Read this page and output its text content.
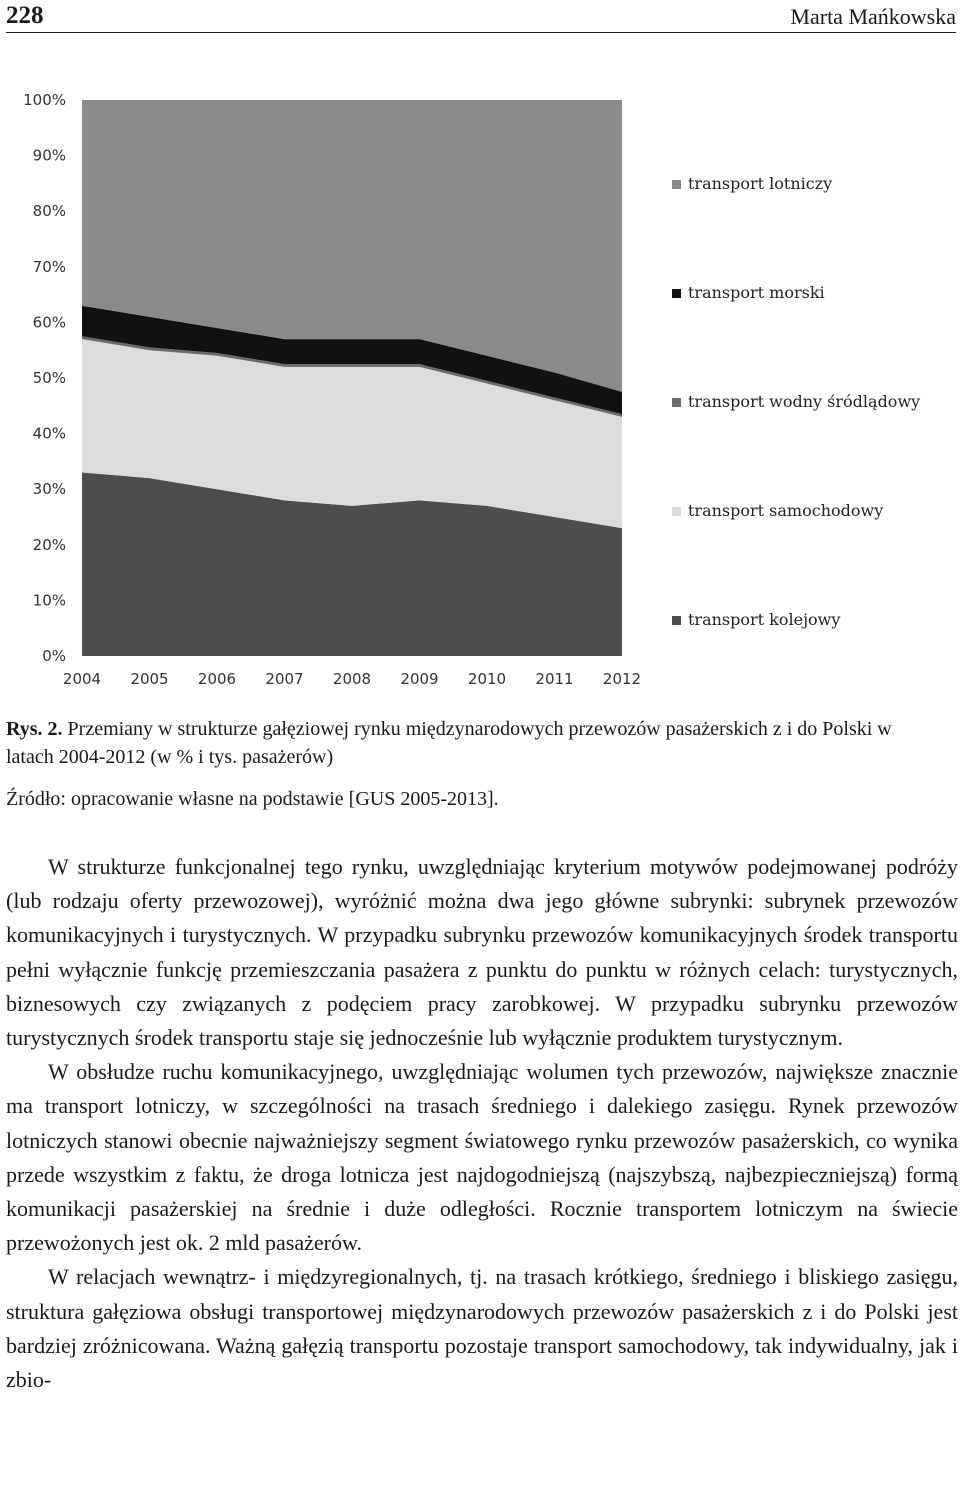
228	Marta Mańkowska
0%
10%
20%
30%
40%
50%
60%
70%
80%
90%
100%
2004 2005 2006 2007 2008 2009 2010 2011 2012
transport lotniczy
transport morski
transport wodny śródlądowy
transport samochodowy
transport kolejowy
Rys. 2. Przemiany w strukturze gałęziowej rynku międzynarodowych przewozów pasażerskich z i do Polski w latach 2004-2012 (w % i tys. pasażerów)
Źródło: opracowanie własne na podstawie [GUS 2005-2013].

W strukturze funkcjonalnej tego rynku, uwzględniając kryterium motywów podejmowanej podróży (lub rodzaju oferty przewozowej), wyróżnić można dwa jego główne subrynki: subrynek przewozów komunikacyjnych i turystycznych. W przypadku subrynku przewozów komunikacyjnych środek transportu pełni wyłącznie funkcję przemieszczania pasażera z punktu do punktu w różnych celach: turystycznych, biznesowych czy związanych z podęciem pracy zarobkowej. W przypadku subrynku przewozów turystycznych środek transportu staje się jednocześnie lub wyłącznie produktem turystycznym.

W obsłudze ruchu komunikacyjnego, uwzględniając wolumen tych przewozów, największe znacznie ma transport lotniczy, w szczególności na trasach średniego i dalekiego zasięgu. Rynek przewozów lotniczych stanowi obecnie najważniejszy segment światowego rynku przewozów pasażerskich, co wynika przede wszystkim z faktu, że droga lotnicza jest najdogodniejszą (najszybszą, najbezpieczniejszą) formą komunikacji pasażerskiej na średnie i duże odległości. Rocznie transportem lotniczym na świecie przewożonych jest ok. 2 mld pasażerów.

W relacjach wewnątrz- i międzyregionalnych, tj. na trasach krótkiego, średniego i bliskiego zasięgu, struktura gałęziowa obsługi transportowej międzynarodowych przewozów pasażerskich z i do Polski jest bardziej zróżnicowana. Ważną gałęzią transportu pozostaje transport samochodowy, tak indywidualny, jak i zbio-
